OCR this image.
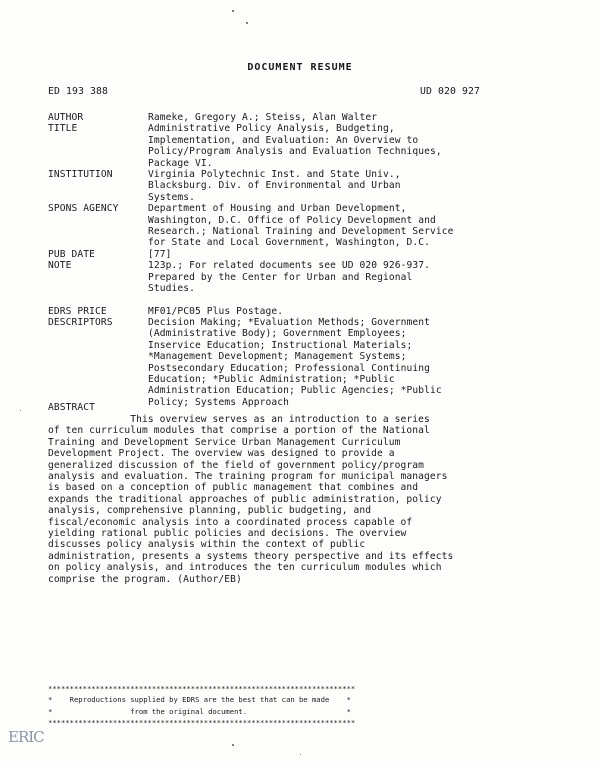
DOCUMENT RESUME
ED 193 388	UD 020 927
AUTHOR	Rameke, Gregory A.; Steiss, Alan Walter
TITLE	Administrative Policy Analysis, Budgeting,
Implementation, and Evaluation: An Overview to
Policy/Program Analysis and Evaluation Techniques,
Package VI.
INSTITUTION	Virginia Polytechnic Inst. and State Univ.,
Blacksburg. Div. of Environmental and Urban
Systems.
SPONS AGENCY	Department of Housing and Urban Development,
Washington, D.C. Office of Policy Development and
Research.; National Training and Development Service
for State and Local Government, Washington, D.C.
PUB DATE	[77]
NOTE	123p.; For related documents see UD 020 926-937.
Prepared by the Center for Urban and Regional
Studies.
EDRS PRICE	MF01/PC05 Plus Postage.
DESCRIPTORS	Decision Making; *Evaluation Methods; Government
(Administrative Body); Government Employees;
Inservice Education; Instructional Materials;
*Management Development; Management Systems;
Postsecondary Education; Professional Continuing
Education; *Public Administration; *Public
Administration Education; Public Agencies; *Public
Policy; Systems Approach
ABSTRACT
This overview serves as an introduction to a series
of ten curriculum modules that comprise a portion of the National
Training and Development Service Urban Management Curriculum
Development Project. The overview was designed to provide a
generalized discussion of the field of government policy/program
analysis and evaluation. The training program for municipal managers
is based on a conception of public management that combines and
expands the traditional approaches of public administration, policy
analysis, comprehensive planning, public budgeting, and
fiscal/economic analysis into a coordinated process capable of
yielding rational public policies and decisions. The overview
discusses policy analysis within the context of public
administration, presents a systems theory perspective and its effects
on policy analysis, and introduces the ten curriculum modules which
comprise the program. (Author/EB)
***********************************************************************
*    Reproductions supplied by EDRS are the best that can be made    *
*                  from the original document.                       *
***********************************************************************
ERIC
